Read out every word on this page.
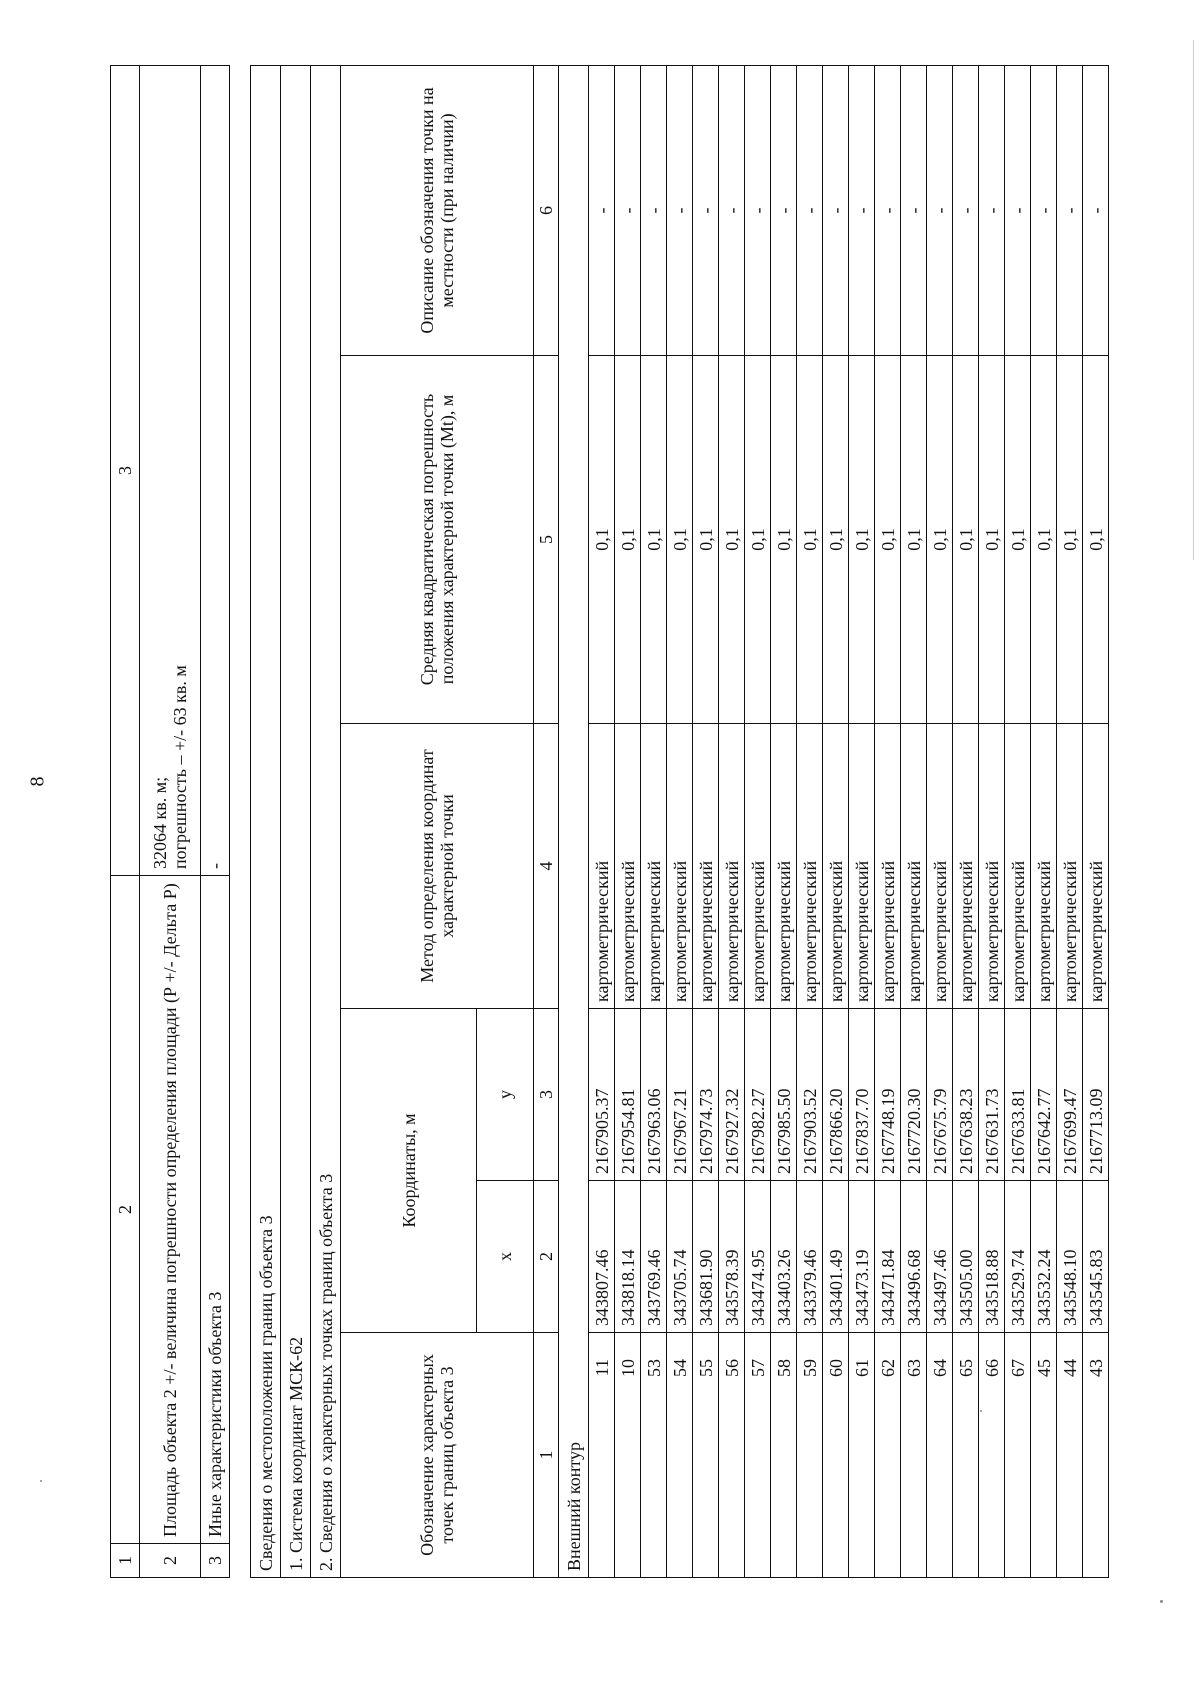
8
1	2	3
2	Площадь объекта 2 +/- величина погрешности определения площади (Р +/- Дельта Р)	32064 кв. м; погрешность – +/- 63 кв. м

3	Иные характеристики объекта 3	-
Сведения о местоположении границ объекта 3					
1. Система координат МСК-62					
2. Сведения о характерных точках границ объекта 3					
Обозначение характерных точек границ объекта 3	Координаты, м		Метод определения координат характерной точки	Средняя квадратическая погрешность положения характерной точки (Mt), м	Описание обозначения точки на местности (при наличии)
	х	у			
1	2	3	4	5	6
Внешний контур					
11	343807.46	2167905.37	картометрический	0,1	-
10	343818.14	2167954.81	картометрический	0,1	-
53	343769.46	2167963.06	картометрический	0,1	-
54	343705.74	2167967.21	картометрический	0,1	-
55	343681.90	2167974.73	картометрический	0,1	-
56	343578.39	2167927.32	картометрический	0,1	-
57	343474.95	2167982.27	картометрический	0,1	-
58	343403.26	2167985.50	картометрический	0,1	-
59	343379.46	2167903.52	картометрический	0,1	-
60	343401.49	2167866.20	картометрический	0,1	-
61	343473.19	2167837.70	картометрический	0,1	-
62	343471.84	2167748.19	картометрический	0,1	-
63	343496.68	2167720.30	картометрический	0,1	-
64	343497.46	2167675.79	картометрический	0,1	-
65	343505.00	2167638.23	картометрический	0,1	-
66	343518.88	2167631.73	картометрический	0,1	-
67	343529.74	2167633.81	картометрический	0,1	-
45	343532.24	2167642.77	картометрический	0,1	-
44	343548.10	2167699.47	картометрический	0,1	-
43	343545.83	2167713.09	картометрический	0,1	-
